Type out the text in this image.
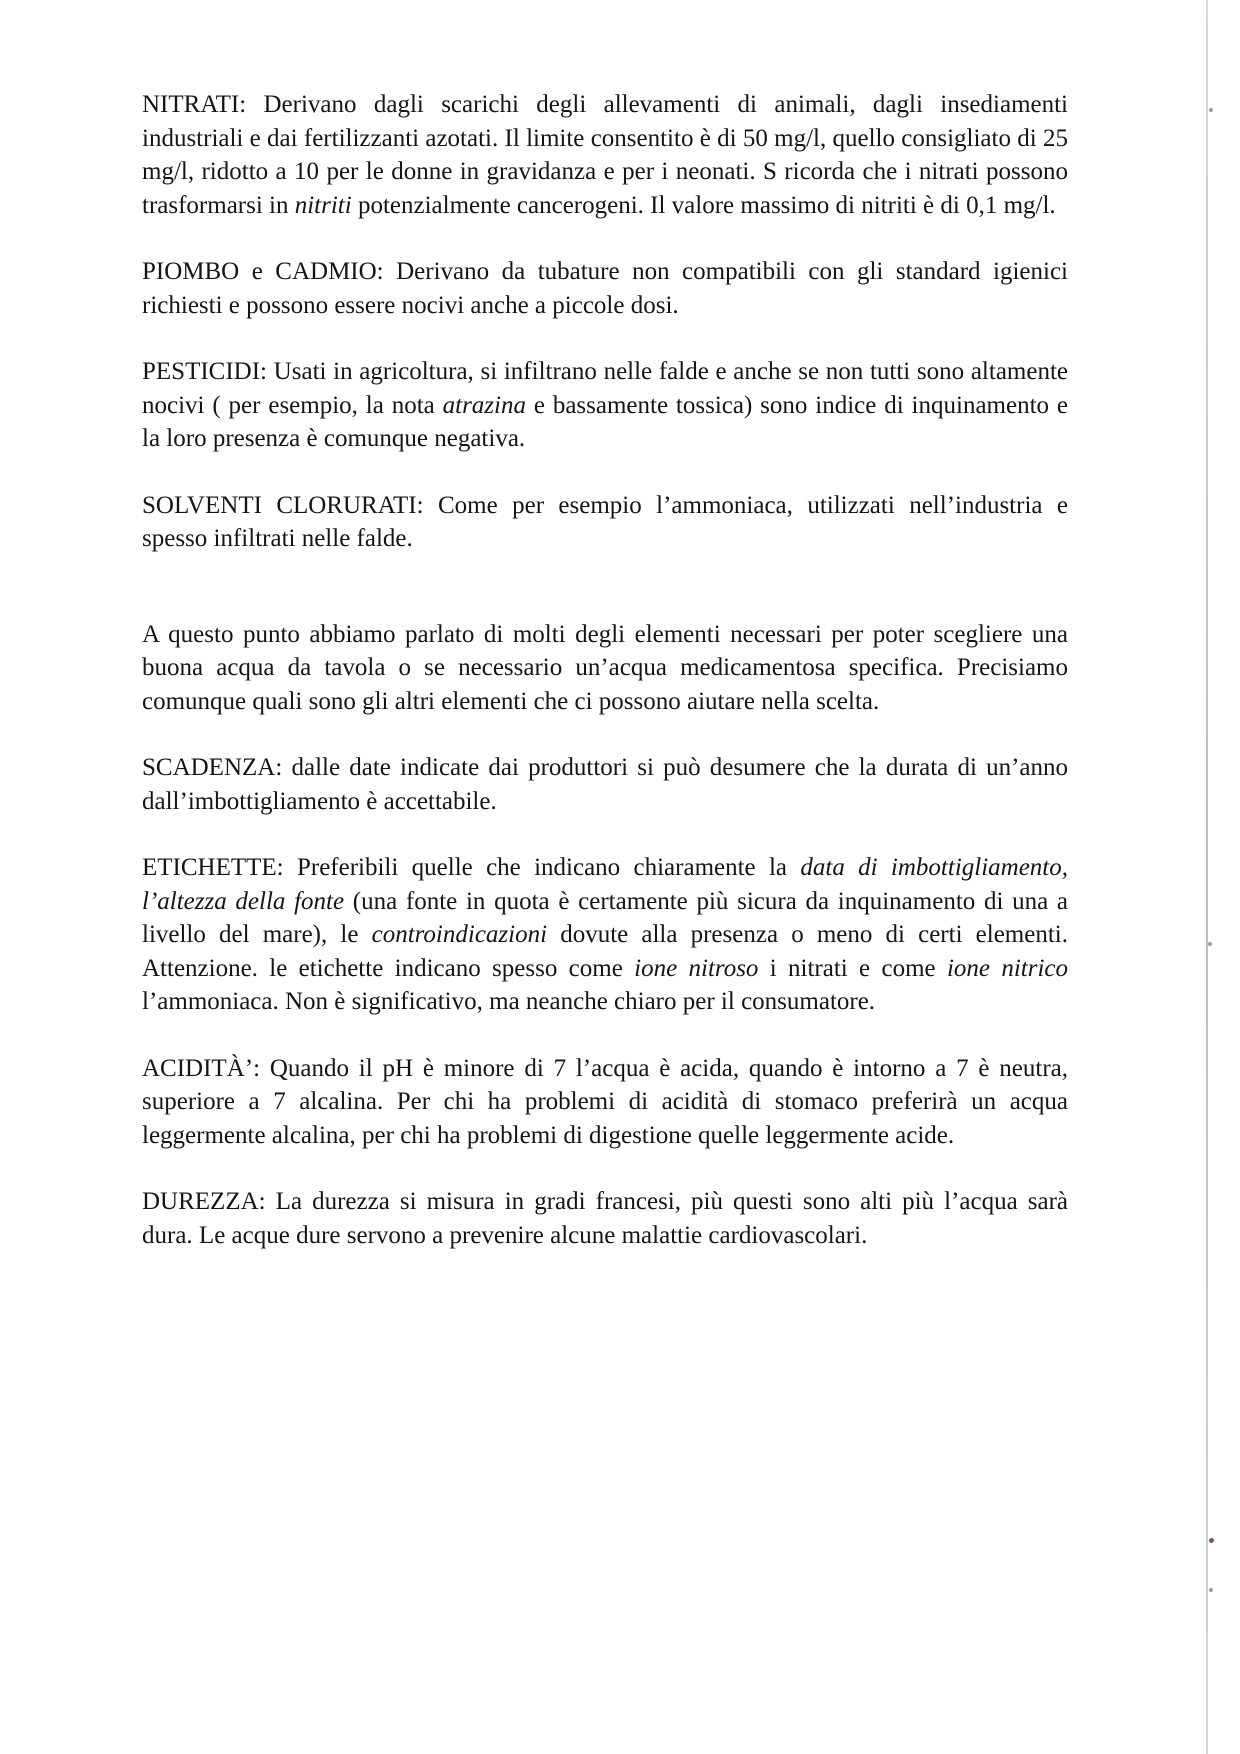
NITRATI: Derivano dagli scarichi degli allevamenti di animali, dagli insediamenti industriali e dai fertilizzanti azotati. Il limite consentito è di 50 mg/l, quello consigliato di 25 mg/l, ridotto a 10 per le donne in gravidanza e per i neonati. S ricorda che i nitrati possono trasformarsi in nitriti potenzialmente cancerogeni. Il valore massimo di nitriti è di 0,1 mg/l.

PIOMBO e CADMIO: Derivano da tubature non compatibili con gli standard igienici richiesti e possono essere nocivi anche a piccole dosi.

PESTICIDI: Usati in agricoltura, si infiltrano nelle falde e anche se non tutti sono altamente nocivi ( per esempio, la nota atrazina e bassamente tossica) sono indice di inquinamento e la loro presenza è comunque negativa.

SOLVENTI CLORURATI: Come per esempio l’ammoniaca, utilizzati nell’industria e spesso infiltrati nelle falde.

A questo punto abbiamo parlato di molti degli elementi necessari per poter scegliere una buona acqua da tavola o se necessario un’acqua medicamentosa specifica. Precisiamo comunque quali sono gli altri elementi che ci possono aiutare nella scelta.

SCADENZA: dalle date indicate dai produttori si può desumere che la durata di un’anno dall’imbottigliamento è accettabile.

ETICHETTE: Preferibili quelle che indicano chiaramente la data di imbottigliamento, l’altezza della fonte (una fonte in quota è certamente più sicura da inquinamento di una a livello del mare), le controindicazioni dovute alla presenza o meno di certi elementi. Attenzione. le etichette indicano spesso come ione nitroso i nitrati e come ione nitrico l’ammoniaca. Non è significativo, ma neanche chiaro per il consumatore.

ACIDITÀ’: Quando il pH è minore di 7 l’acqua è acida, quando è intorno a 7 è neutra, superiore a 7 alcalina. Per chi ha problemi di acidità di stomaco preferirà un acqua leggermente alcalina, per chi ha problemi di digestione quelle leggermente acide.

DUREZZA: La durezza si misura in gradi francesi, più questi sono alti più l’acqua sarà dura. Le acque dure servono a prevenire alcune malattie cardiovascolari.
